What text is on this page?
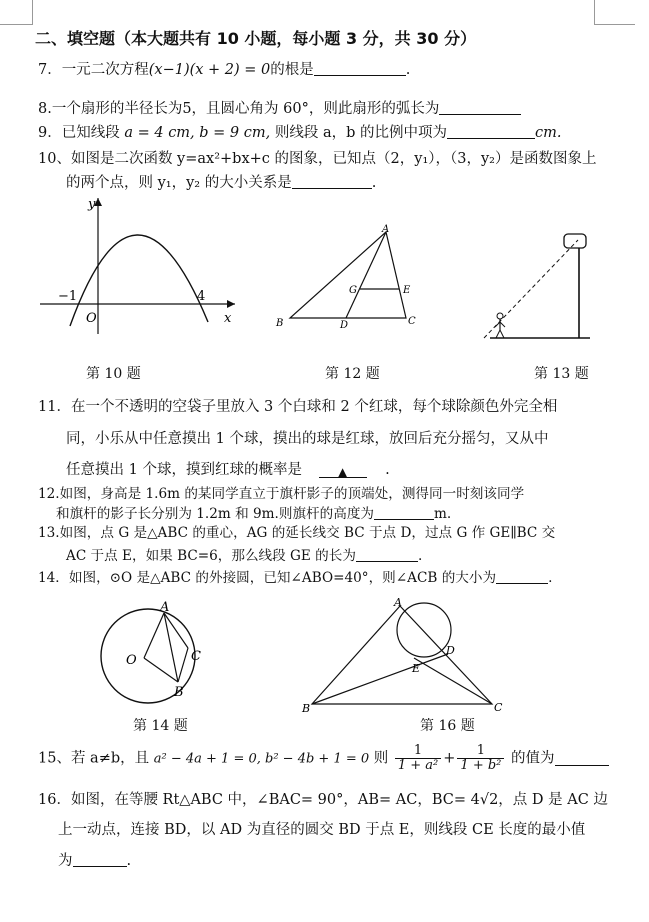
二、填空题（本大题共有 10 小题，每小题 3 分，共 30 分）
7．一元二次方程(x−1)(x + 2) = 0的根是	.
8.一个扇形的半径长为5，且圆心角为 60°，则此扇形的弧长为
9．已知线段 a = 4 cm, b = 9 cm, 则线段 a，b 的比例中项为	cm.
10、如图是二次函数 y=ax²+bx+c 的图象，已知点（2，y₁），（3，y₂）是函数图象上
的两个点，则 y₁，y₂ 的大小关系是	.
y
x
O
−1	4
A
B	C
D
E
G
第 10 题	第 12 题	第 13 题
11．在一个不透明的空袋子里放入 3 个白球和 2 个红球，每个球除颜色外完全相
同，小乐从中任意摸出 1 个球，摸出的球是红球，放回后充分摇匀，又从中
任意摸出 1 个球，摸到红球的概率是	▲	.
12.如图，身高是 1.6m 的某同学直立于旗杆影子的顶端处，测得同一时刻该同学
和旗杆的影子长分别为 1.2m 和 9m.则旗杆的高度为	m.
13.如图，点 G 是△ABC 的重心，AG 的延长线交 BC 于点 D，过点 G 作 GE∥BC 交
AC 于点 E，如果 BC=6，那么线段 GE 的长为	.
14．如图，⊙O 是△ABC 的外接圆，已知∠ABO=40°，则∠ACB 的大小为	.
A
B
C
O
A
B	C
D
E
第 14 题	第 16 题
15、若 a≠b，且 a² − 4a + 1 = 0, b² − 4b + 1 = 0 则 $\frac{1}{\text{1 + a²}} + \frac{1}{\text{1 + b²}}$ 的值为
16．如图，在等腰 Rt△ABC 中，∠BAC= 90°，AB= AC，BC= 4√2，点 D 是 AC 边
上一动点，连接 BD，以 AD 为直径的圆交 BD 于点 E，则线段 CE 长度的最小值
为	.
